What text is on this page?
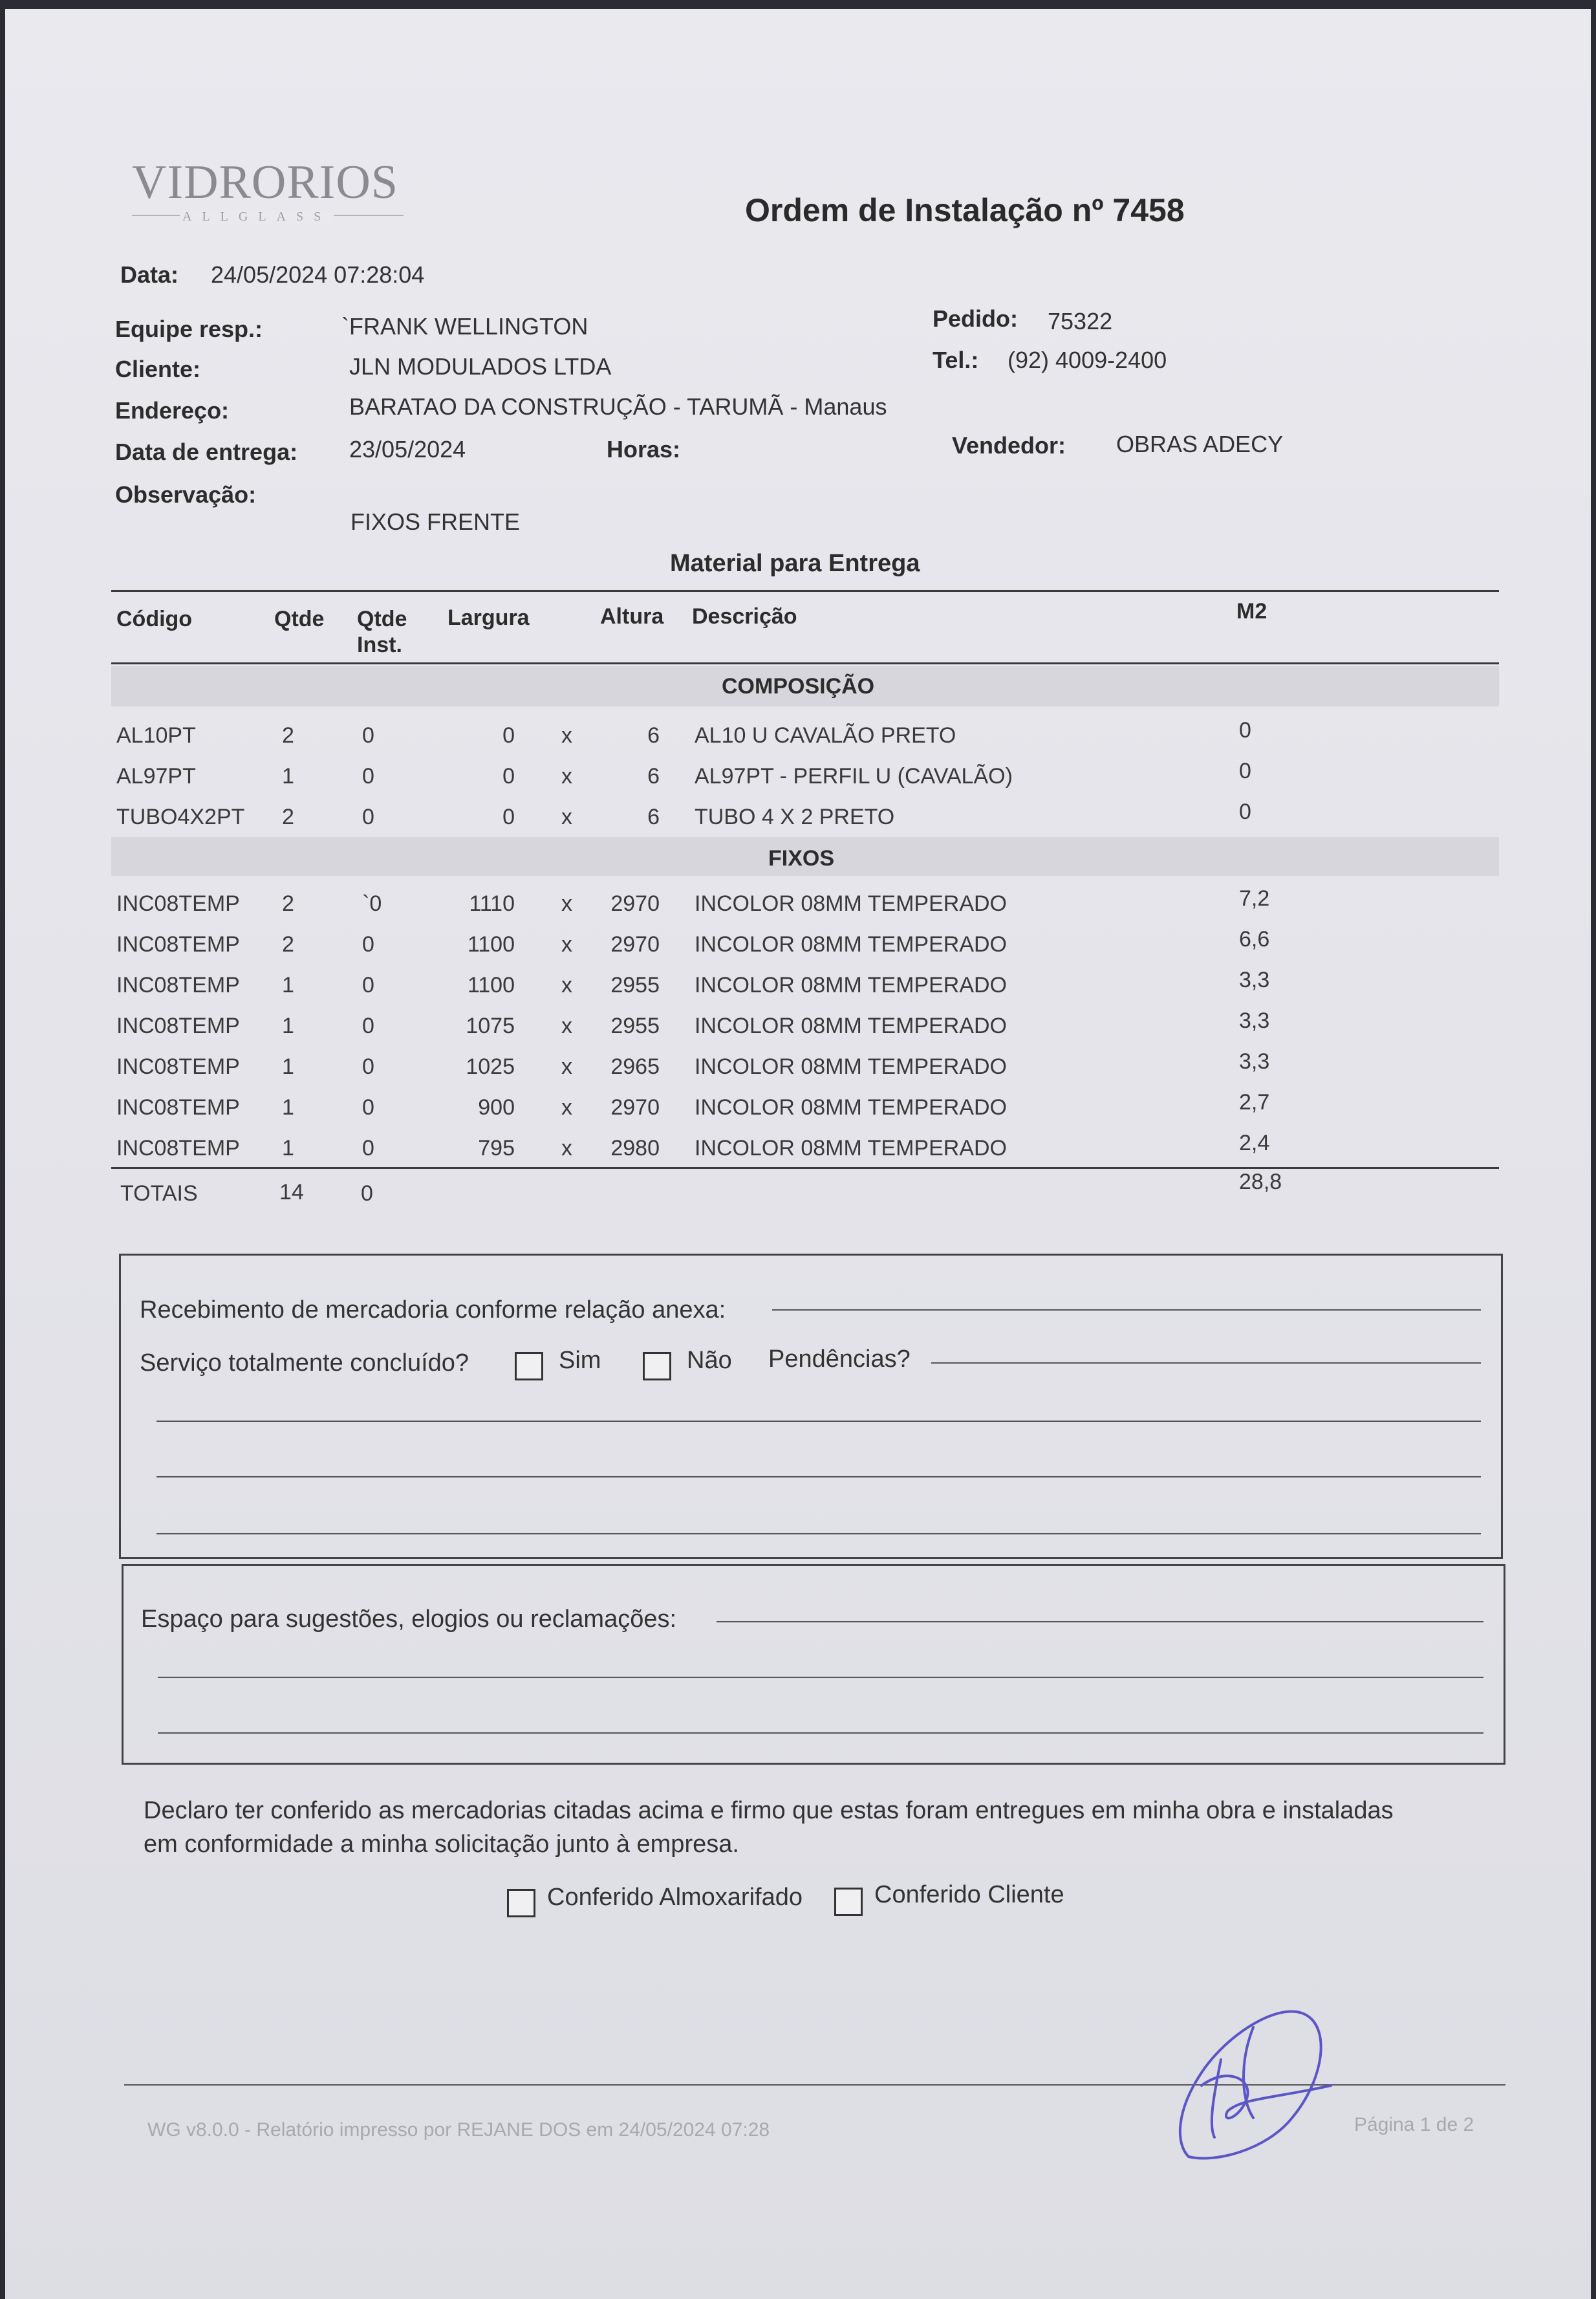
VIDRORIOS
ALLGLASS	Ordem de Instalação nº 7458
Data: 24/05/2024 07:28:04
Equipe resp.:	`FRANK WELLINGTON	Pedido: 75322
Cliente:	JLN MODULADOS LTDA	Tel.: (92) 4009-2400
Endereço:	BARATAO DA CONSTRUÇÃO - TARUMÃ - Manaus
Data de entrega: 23/05/2024	Horas:	Vendedor: OBRAS ADECY
Observação:
FIXOS FRENTE
Material para Entrega
Código	Qtde Qtde
Inst.
Largura	Altura Descrição	M2
COMPOSIÇÃO
AL10PT	2	0	0 x	6 AL10 U CAVALÃO PRETO	0
AL97PT	1	0	0 x	6 AL97PT - PERFIL U (CAVALÃO)	0
TUBO4X2PT 2	0	0 x	6 TUBO 4 X 2 PRETO	0
FIXOS
INC08TEMP 2	`0	1110 x	2970 INCOLOR 08MM TEMPERADO	7,2
INC08TEMP 2	0	1100 x	2970 INCOLOR 08MM TEMPERADO	6,6
INC08TEMP 1	0	1100 x	2955 INCOLOR 08MM TEMPERADO	3,3
INC08TEMP 1	0	1075 x	2955 INCOLOR 08MM TEMPERADO	3,3
INC08TEMP 1	0	1025 x	2965 INCOLOR 08MM TEMPERADO	3,3
INC08TEMP 1	0	900 x	2970 INCOLOR 08MM TEMPERADO	2,7
INC08TEMP 1	0	795 x	2980 INCOLOR 08MM TEMPERADO	2,4
TOTAIS	14	0	28,8
Recebimento de mercadoria conforme relação anexa:
Serviço totalmente concluído?	Sim	Não Pendências?
Espaço para sugestões, elogios ou reclamações:
Declaro ter conferido as mercadorias citadas acima e firmo que estas foram entregues em minha obra e instaladas
em conformidade a minha solicitação junto à empresa.
Conferido Almoxarifado	Conferido Cliente
WG v8.0.0 - Relatório impresso por REJANE DOS em 24/05/2024 07:28	Página 1 de 2
